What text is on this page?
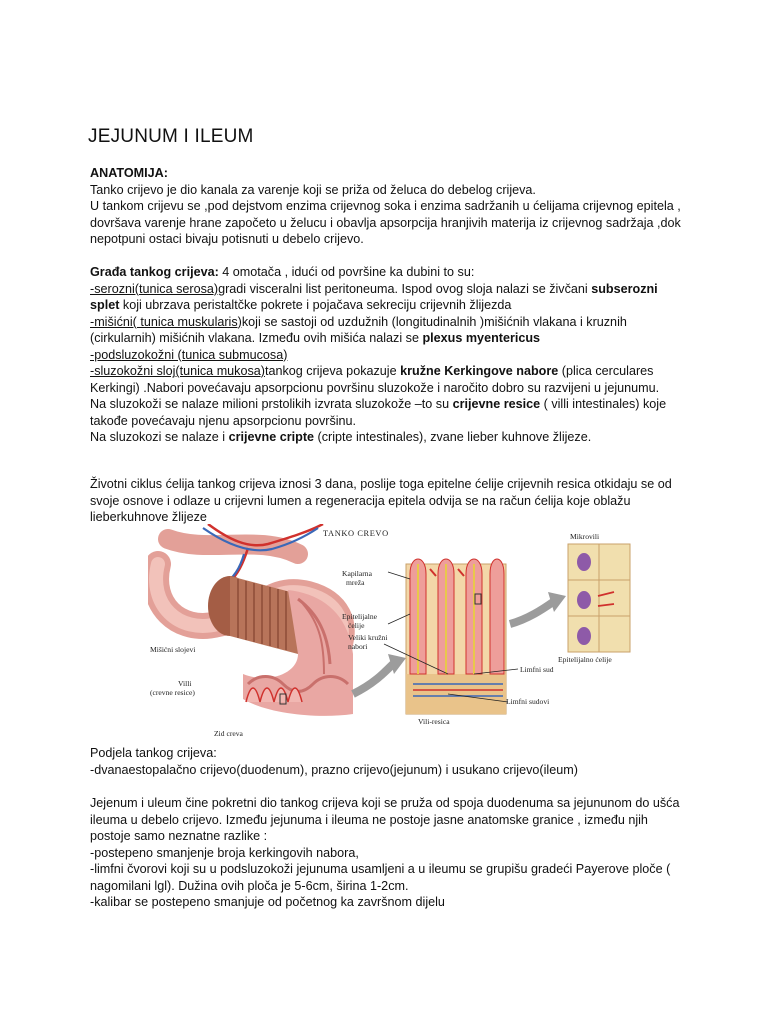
JEJUNUM I ILEUM

ANATOMIJA:

Tanko crijevo je dio kanala za varenje koji se priža od želuca do debelog crijeva.

U tankom crijevu se ,pod dejstvom enzima crijevnog soka i enzima sadržanih u ćelijama crijevnog epitela , dovršava varenje hrane započeto u želucu i obavlja apsorpcija hranjivih materija iz crijevnog sadržaja ,dok nepotpuni ostaci bivaju potisnuti u debelo crijevo.

Građa tankog crijeva: 4 omotača , idući od površine ka dubini to su:

-serozni(tunica serosa)gradi visceralni list peritoneuma. Ispod ovog sloja nalazi se živčani subserozni splet koji ubrzava peristaltčke pokrete i pojačava sekreciju crijevnih žlijezda

-mišićni( tunica muskularis)koji se sastoji od uzdužnih (longitudinalnih )mišićnih vlakana i kruznih (cirkularnih) mišićnih vlakana. Između ovih mišića nalazi se plexus myentericus

-podsluzokožni (tunica submucosa)

-sluzokožni sloj(tunica mukosa)tankog crijeva pokazuje kružne Kerkingove nabore (plica cerculares Kerkingi) .Nabori povećavaju apsorpcionu površinu sluzokože i naročito dobro su razvijeni u jejunumu.

Na sluzokoži se nalaze milioni prstolikih izvrata sluzokože –to su crijevne resice ( villi intestinales) koje takođe povećavaju njenu apsorpcionu površinu.

Na sluzokozi se nalaze i crijevne cripte (cripte intestinales), zvane lieber kuhnove žlijeze.

Životni ciklus ćelija tankog crijeva iznosi 3 dana, poslije toga epitelne ćelije crijevnih resica otkidaju se od svoje osnove i odlaze u crijevni lumen a regeneracija epitela odvija se na račun ćelija koje oblažu lieberkuhnove žlijeze

TANKO CREVO
Mišićni slojevi
Villi
(crevne resice)
Zid creva
Veliki kružni
nabori
Kapilarna
mreža
Epitelijalne
ćelije
Limfni sud
Limfni sudovi
Vili-resica
Mikrovili
Epitelijalno ćelije

Podjela tankog crijeva:

-dvanaestopalačno crijevo(duodenum), prazno crijevo(jejunum) i usukano crijevo(ileum)

Jejenum i uleum čine pokretni dio tankog crijeva koji se pruža od spoja duodenuma sa jejununom do ušća ileuma u debelo crijevo. Između jejunuma i ileuma ne postoje jasne anatomske granice , između njih postoje samo neznatne razlike :

-postepeno smanjenje broja kerkingovih nabora,

-limfni čvorovi koji su u podsluzokoži jejunuma usamljeni a u ileumu se grupišu gradeći Payerove ploče ( nagomilani lgl). Dužina ovih ploča je 5-6cm, širina 1-2cm.

-kalibar se postepeno smanjuje od početnog ka završnom dijelu
